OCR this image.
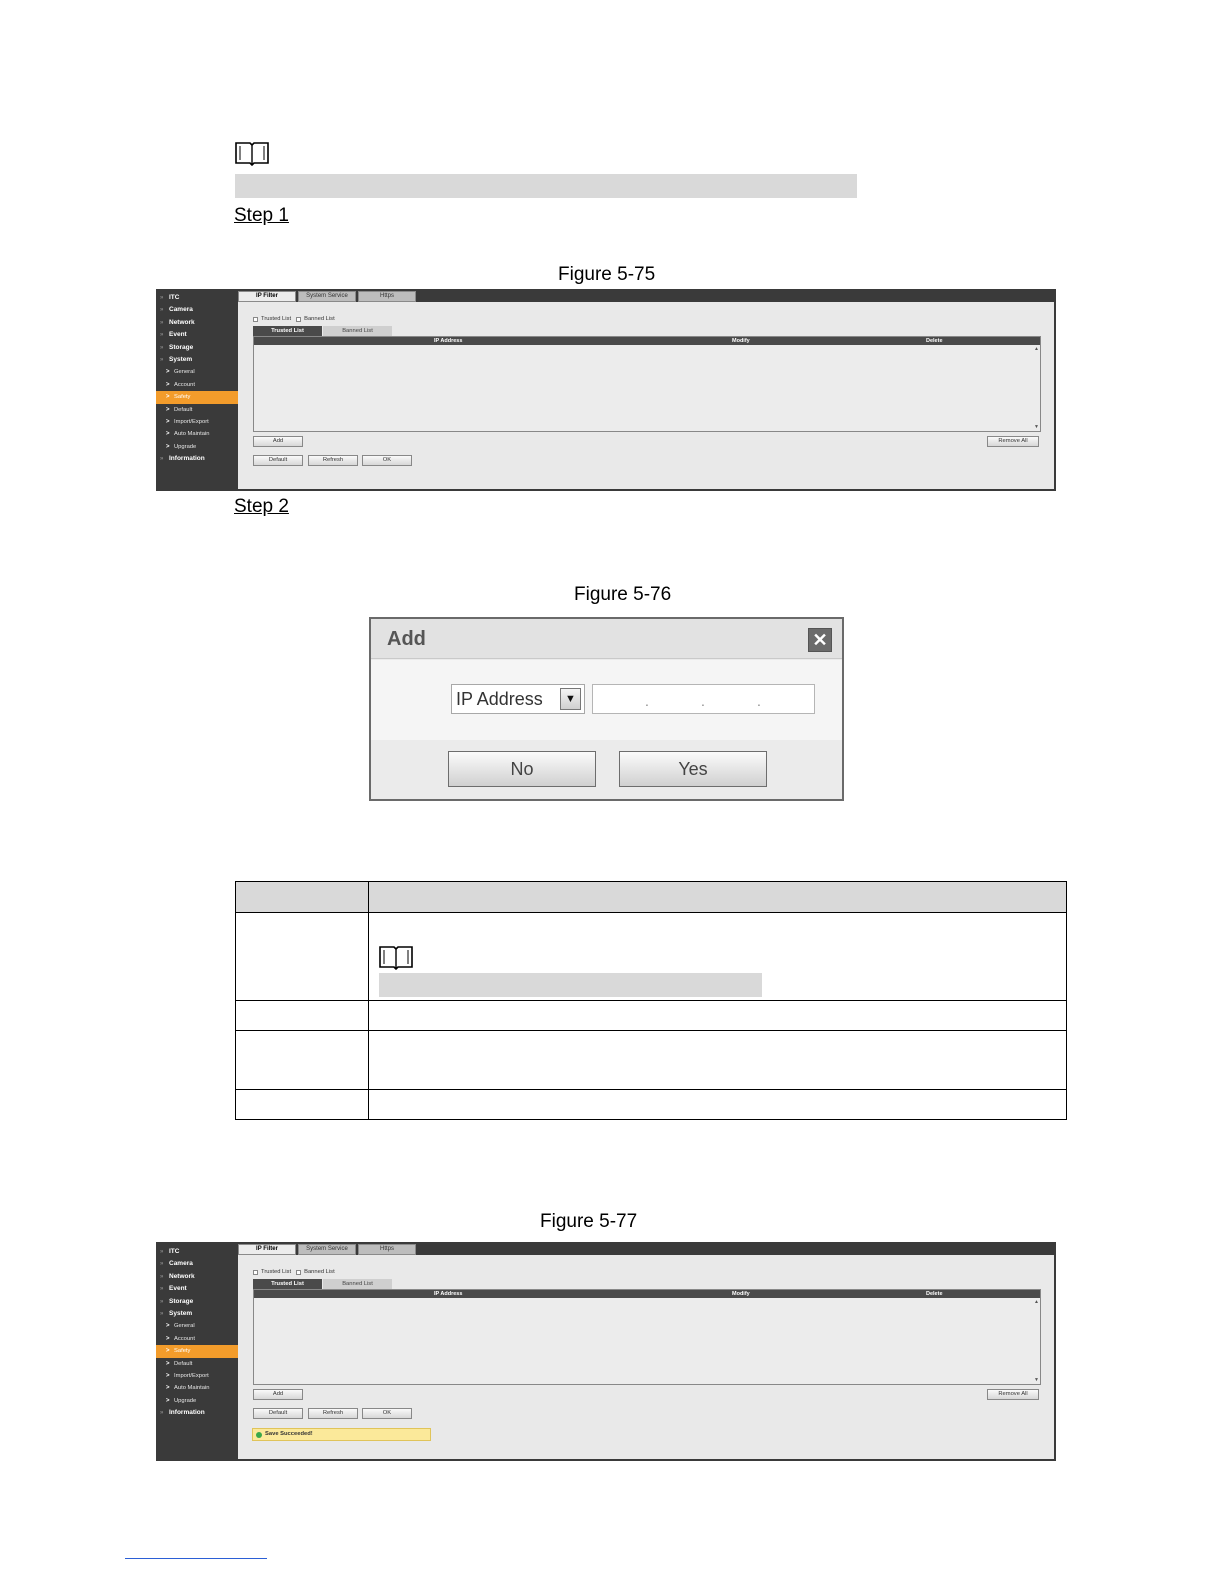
Step 1
Figure 5-75
» ITC
» Camera
» Network
» Event
» Storage
» System
> General
> Account
> Safety
> Default
> Import/Export
> Auto Maintain
> Upgrade
» Information
IP Filter	System Service	Https
Trusted List Banned List
Trusted List	Banned List
IP Address	Modify	Delete
▲
▼
Add	Remove All
Default	Refresh	OK
Step 2
Figure 5-76
Add	✕
IP Address	▼	.	.	.
No	Yes

Figure 5-77
» ITC
» Camera
» Network
» Event
» Storage
» System
> General
> Account
> Safety
> Default
> Import/Export
> Auto Maintain
> Upgrade
» Information
IP Filter	System Service	Https
Trusted List Banned List
Trusted List	Banned List
IP Address	Modify	Delete
▲
▼
Add	Remove All
Default	Refresh	OK
Save Succeeded!
